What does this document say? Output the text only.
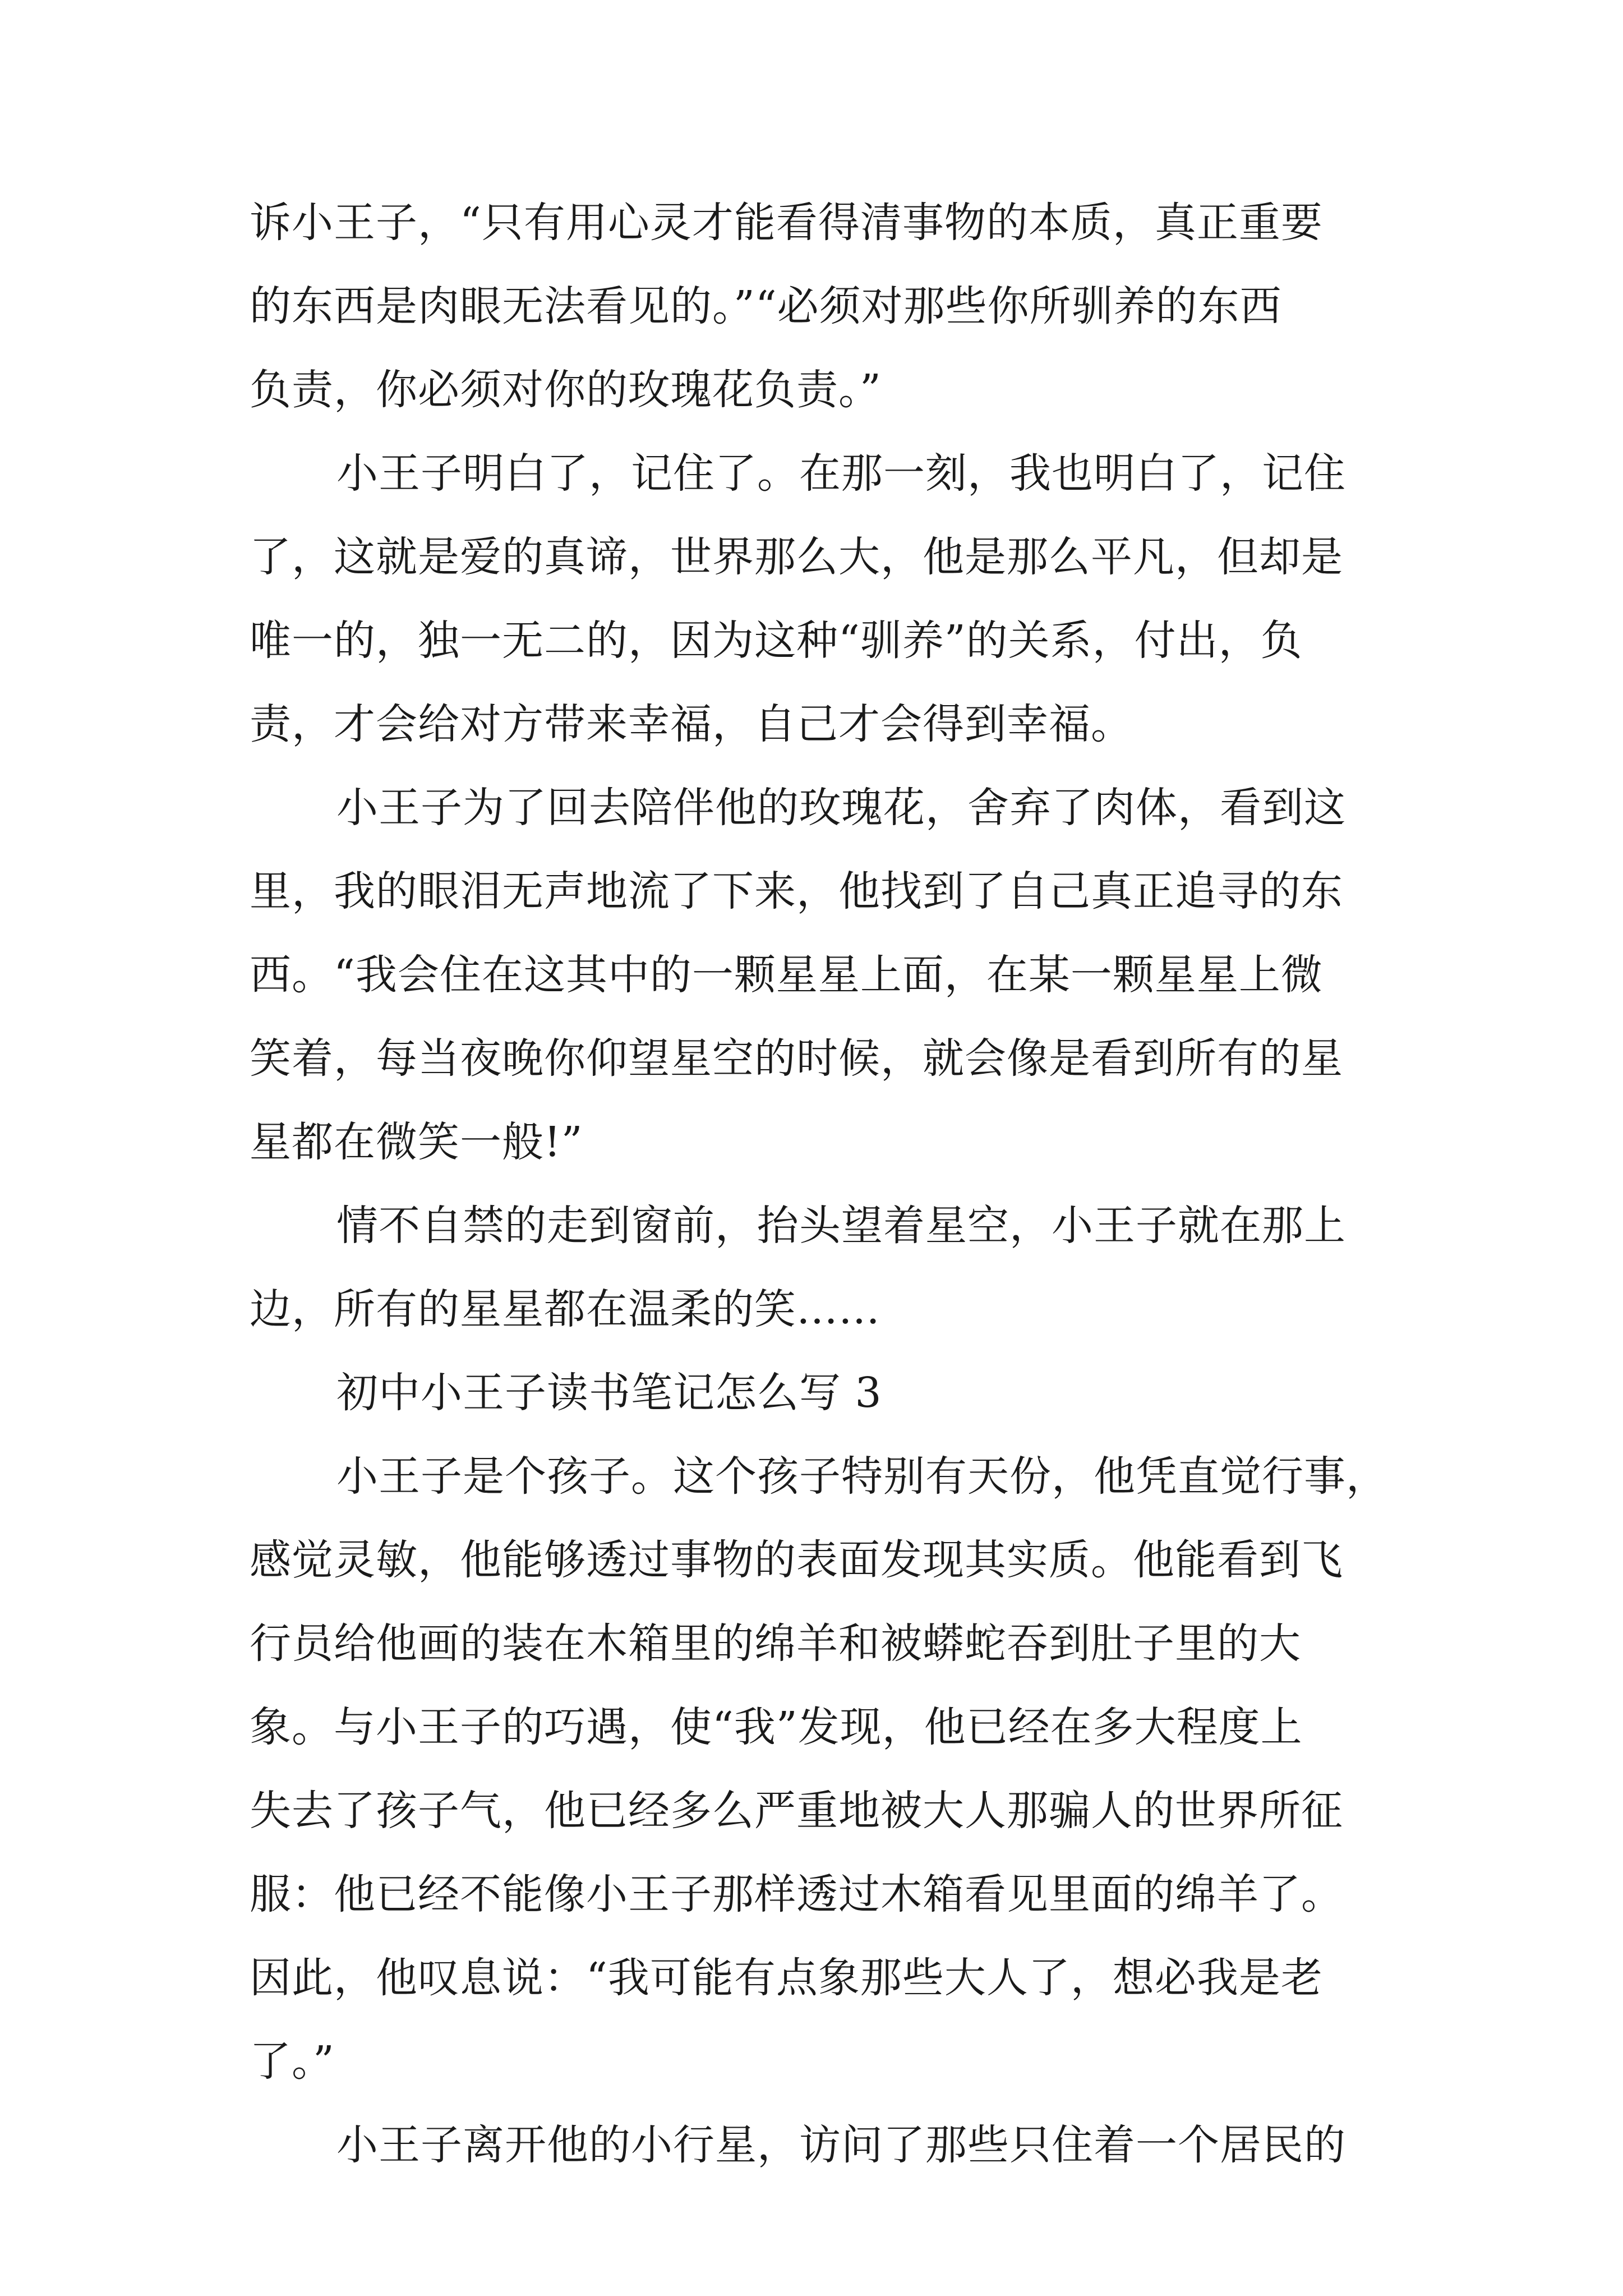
诉小王子，“只有用心灵才能看得清事物的本质，真正重要
的东西是肉眼无法看见的。”“必须对那些你所驯养的东西
负责，你必须对你的玫瑰花负责。”
小王子明白了，记住了。在那一刻，我也明白了，记住
了，这就是爱的真谛，世界那么大，他是那么平凡，但却是
唯一的，独一无二的，因为这种“驯养”的关系，付出，负
责，才会给对方带来幸福，自己才会得到幸福。
小王子为了回去陪伴他的玫瑰花，舍弃了肉体，看到这
里，我的眼泪无声地流了下来，他找到了自己真正追寻的东
西。“我会住在这其中的一颗星星上面，在某一颗星星上微
笑着，每当夜晚你仰望星空的时候，就会像是看到所有的星
星都在微笑一般!”
情不自禁的走到窗前，抬头望着星空，小王子就在那上
边，所有的星星都在温柔的笑……
初中小王子读书笔记怎么写 3
小王子是个孩子。这个孩子特别有天份，他凭直觉行事，
感觉灵敏，他能够透过事物的表面发现其实质。他能看到飞
行员给他画的装在木箱里的绵羊和被蟒蛇吞到肚子里的大
象。与小王子的巧遇，使“我”发现，他已经在多大程度上
失去了孩子气，他已经多么严重地被大人那骗人的世界所征
服：他已经不能像小王子那样透过木箱看见里面的绵羊了。
因此，他叹息说：“我可能有点象那些大人了，想必我是老
了。”
小王子离开他的小行星，访问了那些只住着一个居民的
